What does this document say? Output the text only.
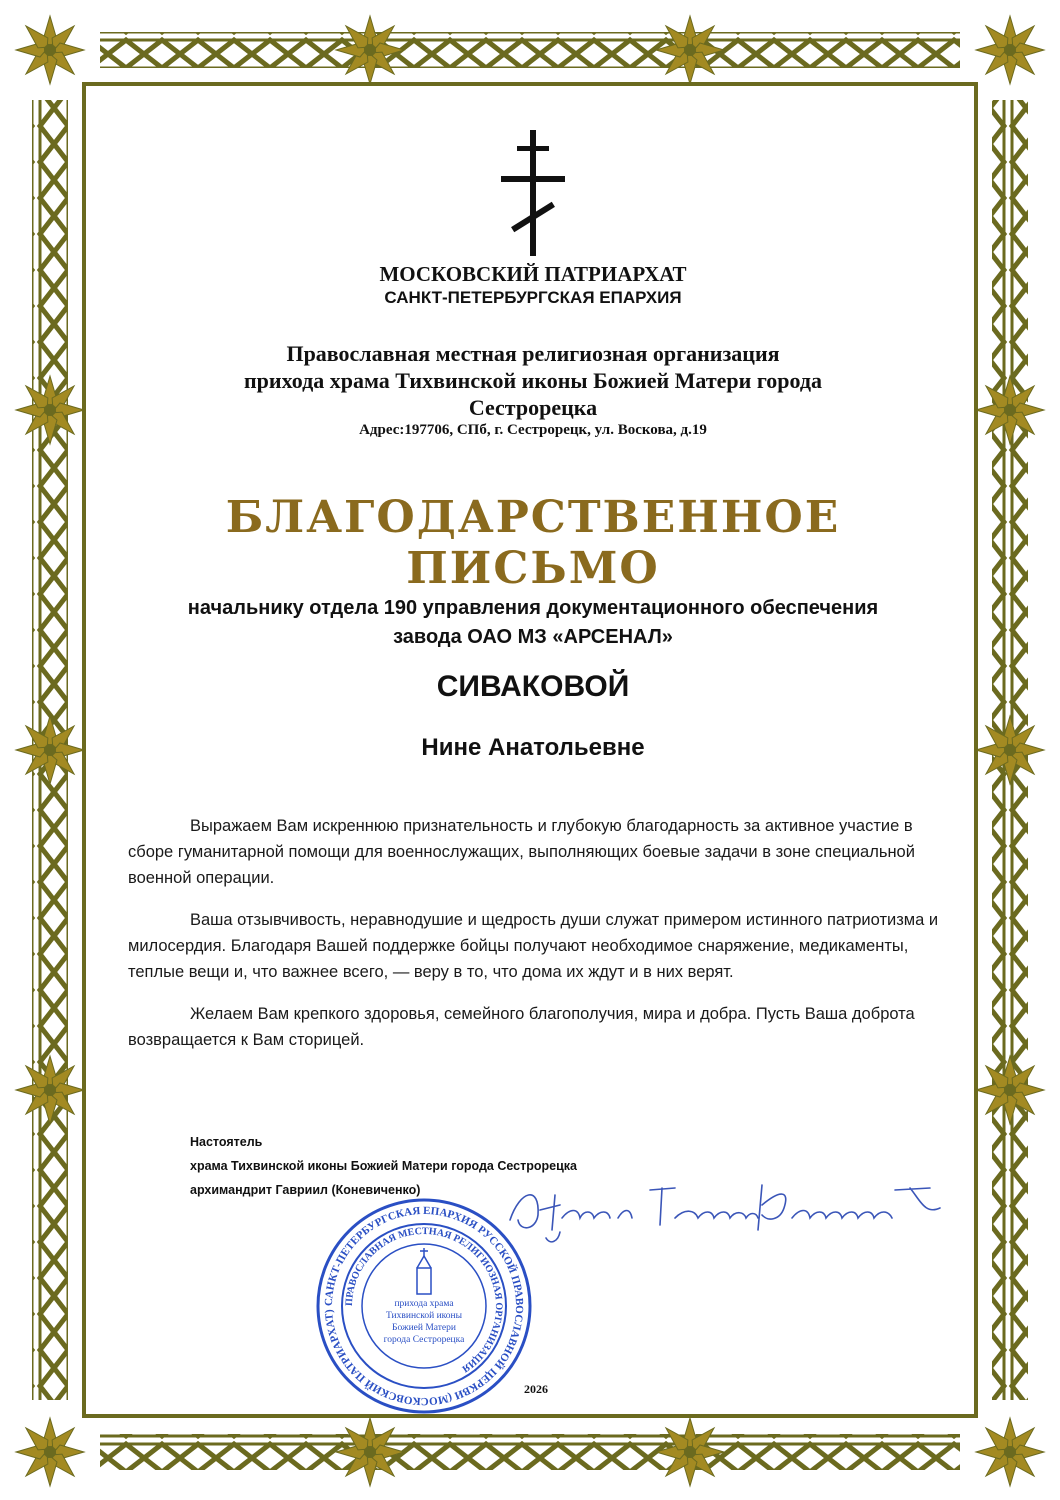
МОСКОВСКИЙ ПАТРИАРХАТ
САНКТ-ПЕТЕРБУРГСКАЯ ЕПАРХИЯ
Православная местная религиозная организация
прихода храма Тихвинской иконы Божией Матери города
Сестрорецка
Адрес:197706, СПб, г. Сестрорецк, ул. Воскова, д.19
БЛАГОДАРСТВЕННОЕ ПИСЬМО
начальнику отдела 190 управления документационного обеспечения
завода ОАО МЗ «АРСЕНАЛ»
СИВАКОВОЙ
Нине Анатольевне

Выражаем Вам искреннюю признательность и глубокую благодарность за активное участие в сборе гуманитарной помощи для военнослужащих, выполняющих боевые задачи в зоне специальной военной операции.

Ваша отзывчивость, неравнодушие и щедрость души служат примером истинного патриотизма и милосердия. Благодаря Вашей поддержке бойцы получают необходимое снаряжение, медикаменты, теплые вещи и, что важнее всего, — веру в то, что дома их ждут и в них верят.

Желаем Вам крепкого здоровья, семейного благополучия, мира и добра. Пусть Ваша доброта возвращается к Вам сторицей.

Настоятель
храма Тихвинской иконы Божией Матери города Сестрорецка
архимандрит Гавриил (Коневиченко)
САНКТ-ПЕТЕРБУРГСКАЯ ЕПАРХИЯ РУССКОЙ ПРАВОСЛАВНОЙ ЦЕРКВИ (МОСКОВСКИЙ ПАТРИАРХАТ)
ПРАВОСЛАВНАЯ МЕСТНАЯ РЕЛИГИОЗНАЯ ОРГАНИЗАЦИЯ
прихода храма
Тихвинской иконы
Божией Матери
города Сестрорецка
2026
